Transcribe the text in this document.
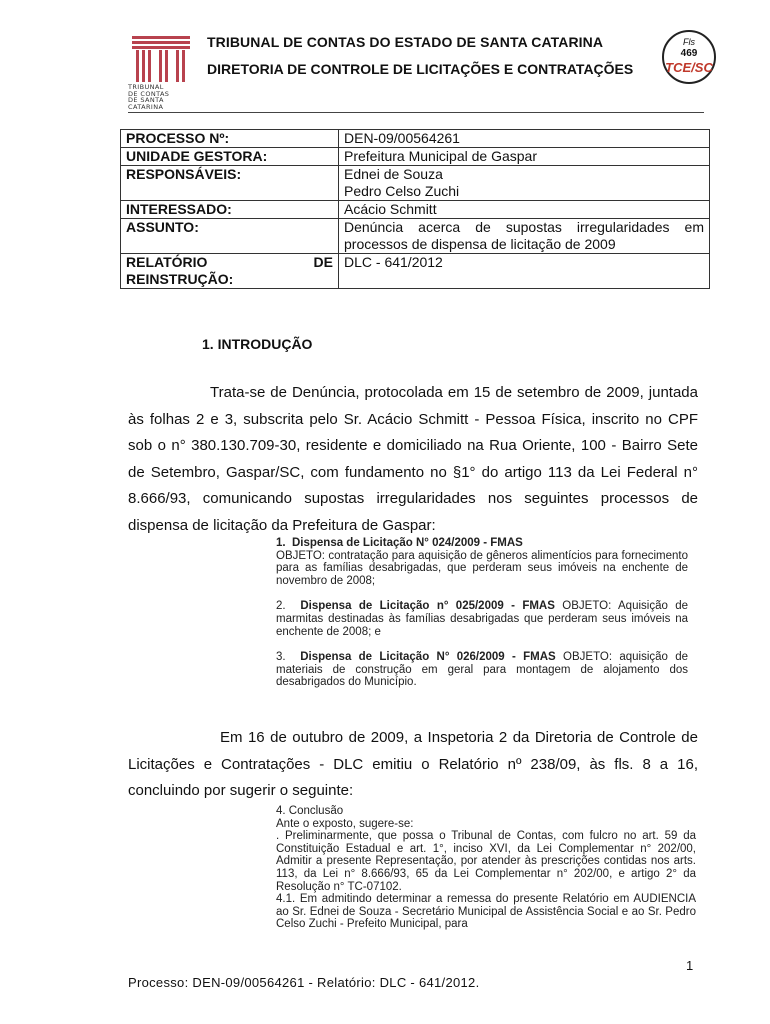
TRIBUNAL
DE CONTAS
DE SANTA
CATARINA
TRIBUNAL DE CONTAS DO ESTADO DE SANTA CATARINA
DIRETORIA DE CONTROLE DE LICITAÇÕES E CONTRATAÇÕES
Fls
469
TCE/SC
PROCESSO Nº:	DEN-09/00564261
UNIDADE GESTORA:	Prefeitura Municipal de Gaspar
RESPONSÁVEIS:	Ednei de Souza
Pedro Celso Zuchi

INTERESSADO:	Acácio Schmitt
ASSUNTO:	Denúncia acerca de supostas irregularidades em processos de dispensa de licitação de 2009

RELATÓRIO DE
REINSTRUÇÃO:	DLC - 641/2012
1. INTRODUÇÃO

Trata-se de Denúncia, protocolada em 15 de setembro de 2009, juntada às folhas 2 e 3, subscrita pelo Sr. Acácio Schmitt - Pessoa Física, inscrito no CPF sob o n° 380.130.709-30, residente e domiciliado na Rua Oriente, 100 - Bairro Sete de Setembro, Gaspar/SC, com fundamento no §1° do artigo 113 da Lei Federal n° 8.666/93, comunicando supostas irregularidades nos seguintes processos de dispensa de licitação da Prefeitura de Gaspar:

1. Dispensa de Licitação N° 024/2009 - FMAS
OBJETO: contratação para aquisição de gêneros alimentícios para fornecimento para as famílias desabrigadas, que perderam seus imóveis na enchente de novembro de 2008;
2. Dispensa de Licitação n° 025/2009 - FMAS OBJETO: Aquisição de marmitas destinadas às famílias desabrigadas que perderam seus imóveis na enchente de 2008; e
3. Dispensa de Licitação N° 026/2009 - FMAS OBJETO: aquisição de materiais de construção em geral para montagem de alojamento dos desabrigados do Município.

Em 16 de outubro de 2009, a Inspetoria 2 da Diretoria de Controle de Licitações e Contratações - DLC emitiu o Relatório nº 238/09, às fls. 8 a 16, concluindo por sugerir o seguinte:

4. Conclusão
Ante o exposto, sugere-se:
. Preliminarmente, que possa o Tribunal de Contas, com fulcro no art. 59 da Constituição Estadual e art. 1°, inciso XVI, da Lei Complementar n° 202/00, Admitir a presente Representação, por atender às prescrições contidas nos arts. 113, da Lei n° 8.666/93, 65 da Lei Complementar n° 202/00, e artigo 2° da Resolução n° TC-07102.
4.1. Em admitindo determinar a remessa do presente Relatório em AUDIENCIA ao Sr. Ednei de Souza - Secretário Municipal de Assistência Social e ao Sr. Pedro Celso Zuchi - Prefeito Municipal, para
1
Processo: DEN-09/00564261 - Relatório: DLC - 641/2012.
